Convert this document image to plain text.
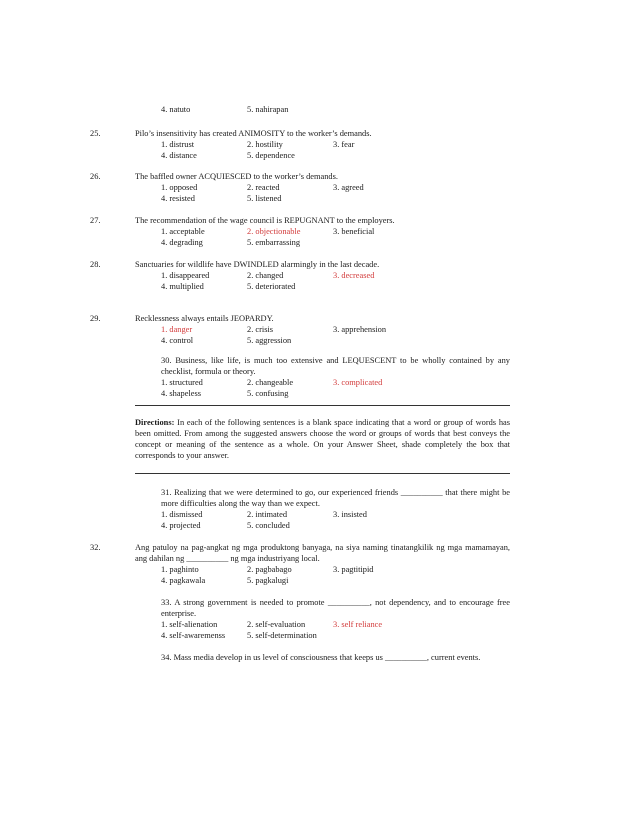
4. natuto	5. nahirapan
25.	Pilo’s insensitivity has created ANIMOSITY to the worker’s demands.
1. distrust	2. hostility	3. fear
4. distance	5. dependence
26.	The baffled owner ACQUIESCED to the worker’s demands.
1. opposed	2. reacted	3. agreed
4. resisted	5. listened
27.	The recommendation of the wage council is REPUGNANT to the employers.
1. acceptable	2. objectionable	3. beneficial
4. degrading	5. embarrassing
28.	Sanctuaries for wildlife have DWINDLED alarmingly in the last decade.
1. disappeared	2. changed	3. decreased
4. multiplied	5. deteriorated
29.	Recklessness always entails JEOPARDY.
1. danger	2. crisis	3. apprehension
4. control	5. aggression
30. Business, like life, is much too extensive and LEQUESCENT to be wholly contained by any checklist, formula or theory.
1. structured	2. changeable	3. complicated
4. shapeless	5. confusing
Directions: In each of the following sentences is a blank space indicating that a word or group of words has been omitted. From among the suggested answers choose the word or groups of words that best conveys the concept or meaning of the sentence as a whole. On your Answer Sheet, shade completely the box that corresponds to your answer.
31. Realizing that we were determined to go, our experienced friends __________ that there might be more difficulties along the way than we expect.
1. dismissed	2. intimated	3. insisted
4. projected	5. concluded
32.	Ang patuloy na pag-angkat ng mga produktong banyaga, na siya naming tinatangkilik ng mga mamamayan, ang dahilan ng __________ ng mga industriyang local.
1. paghinto	2. pagbabago	3. pagtitipid
4. pagkawala	5. pagkalugi
33. A strong government is needed to promote __________, not dependency, and to encourage free enterprise.
1. self-alienation	2. self-evaluation	3. self reliance
4. self-awaremenss	5. self-determination
34. Mass media develop in us level of consciousness that keeps us __________, current events.
